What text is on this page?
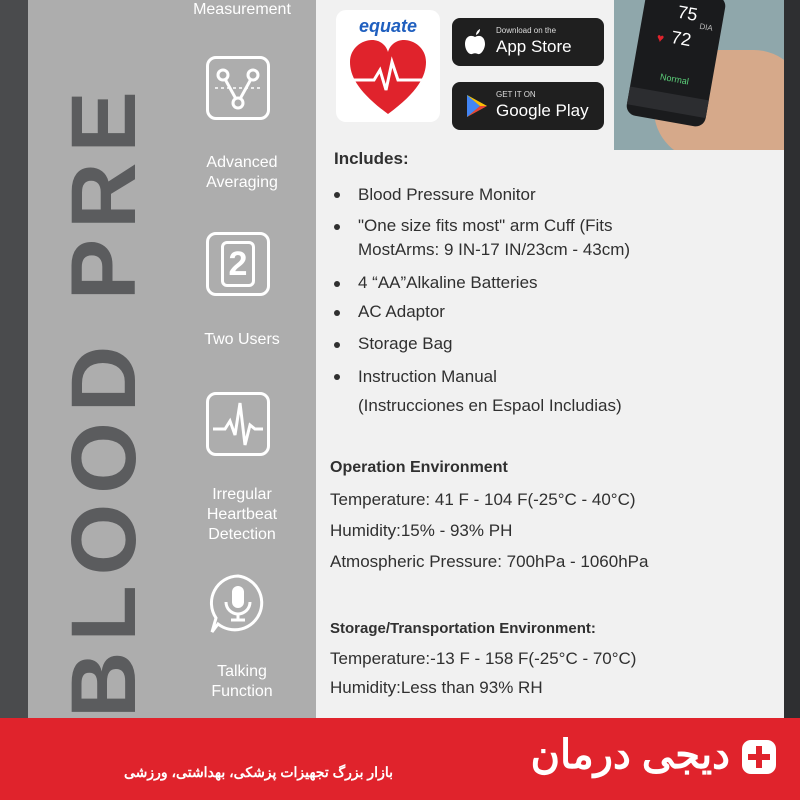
BLOOD PRE
Measurement
Advanced
Averaging
2
Two Users
Irregular
Heartbeat
Detection
Talking
Function
equate	Download on the
App Store
GET IT ON
Google Play
75
DIA
♥ 72
Normal
Includes:
Blood Pressure Monitor
"One size fits most" arm Cuff (Fits
MostArms: 9 IN-17 IN/23cm - 43cm)
4 “AA”Alkaline Batteries
AC Adaptor
Storage Bag
Instruction Manual
(Instrucciones en Espaol Includias)
Operation Environment
Temperature: 41 F - 104 F(-25°C - 40°C)
Humidity:15% - 93% PH
Atmospheric Pressure: 700hPa - 1060hPa
Storage/Transportation Environment:
Temperature:-13 F - 158 F(-25°C - 70°C)
Humidity:Less than 93% RH
بازار بزرگ تجهیزات پزشکی، بهداشتی، ورزشی	دیجی درمان
